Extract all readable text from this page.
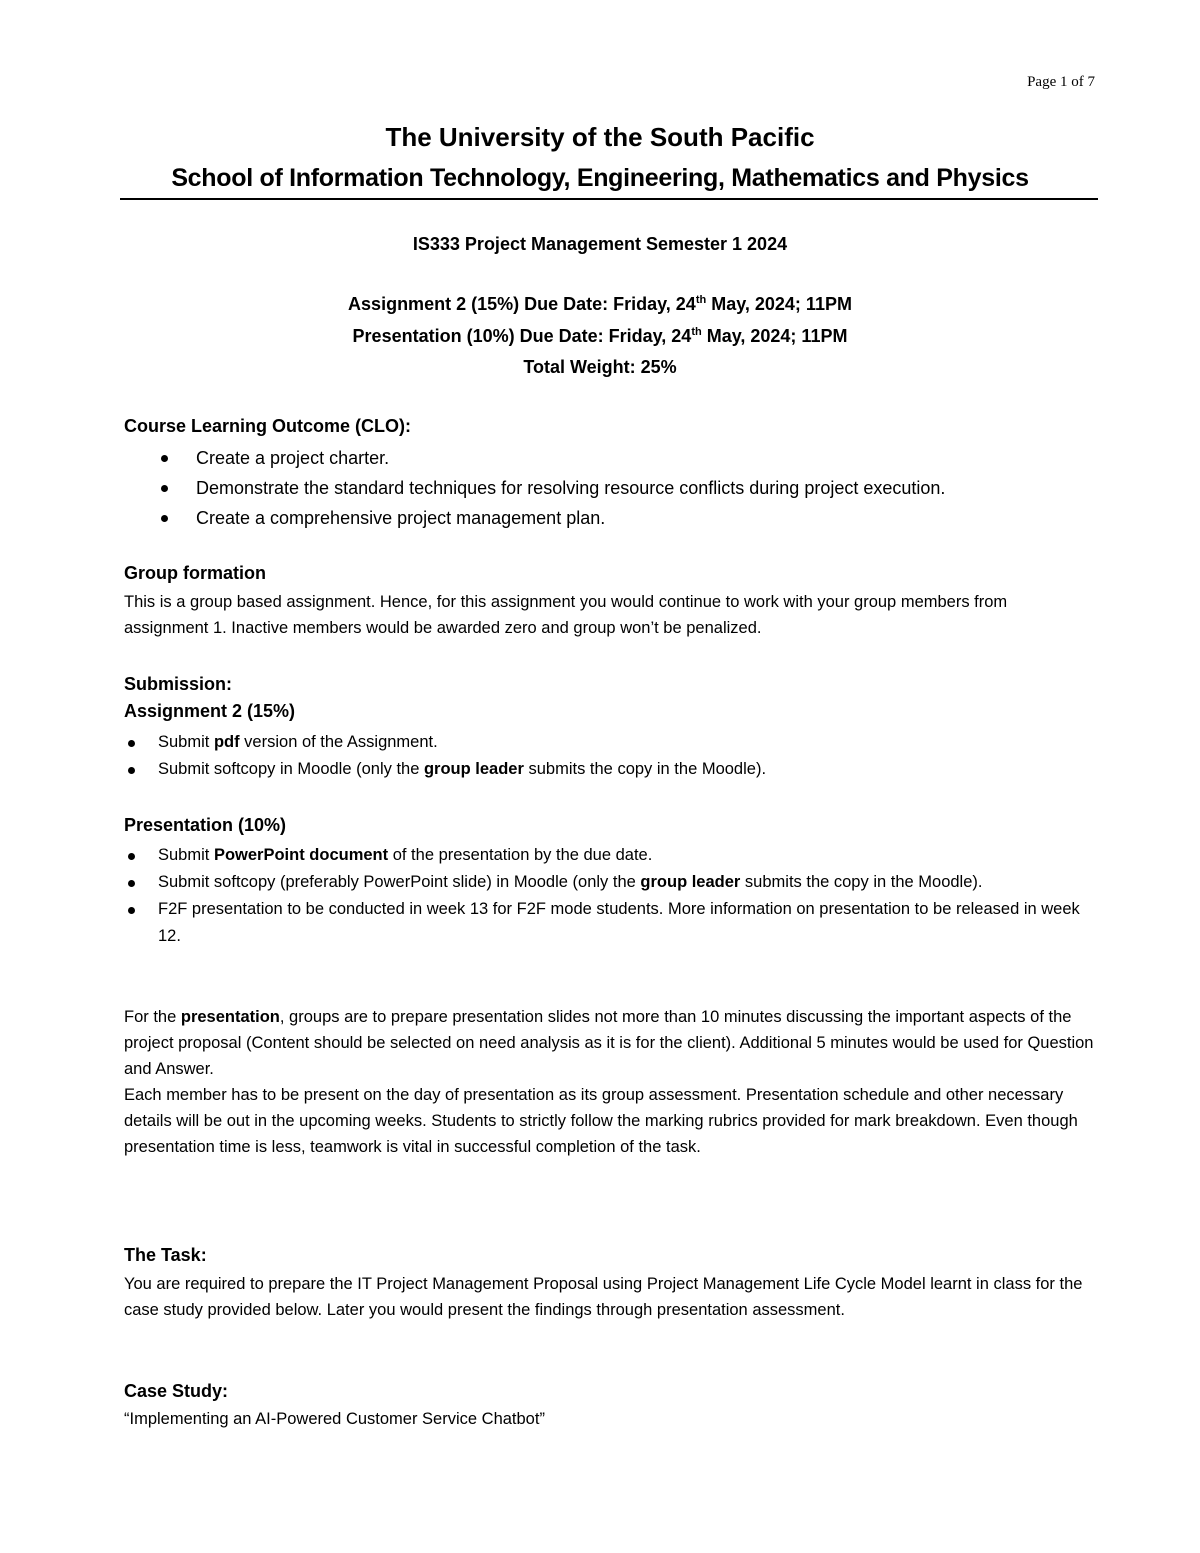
Page 1 of 7
The University of the South Pacific
School of Information Technology, Engineering, Mathematics and Physics
IS333 Project Management Semester 1 2024
Assignment 2 (15%) Due Date: Friday, 24th May, 2024; 11PM
Presentation (10%) Due Date: Friday, 24th May, 2024; 11PM
Total Weight: 25%
Course Learning Outcome (CLO):
Create a project charter.
Demonstrate the standard techniques for resolving resource conflicts during project execution.
Create a comprehensive project management plan.
Group formation

This is a group based assignment. Hence, for this assignment you would continue to work with your group members from assignment 1. Inactive members would be awarded zero and group won’t be penalized.

Submission:
Assignment 2 (15%)
Submit pdf version of the Assignment.
Submit softcopy in Moodle (only the group leader submits the copy in the Moodle).
Presentation (10%)
Submit PowerPoint document of the presentation by the due date.
Submit softcopy (preferably PowerPoint slide) in Moodle (only the group leader submits the copy in the Moodle).
F2F presentation to be conducted in week 13 for F2F mode students. More information on presentation to be released in week 12.

For the presentation, groups are to prepare presentation slides not more than 10 minutes discussing the important aspects of the project proposal (Content should be selected on need analysis as it is for the client). Additional 5 minutes would be used for Question and Answer.

Each member has to be present on the day of presentation as its group assessment. Presentation schedule and other necessary details will be out in the upcoming weeks. Students to strictly follow the marking rubrics provided for mark breakdown. Even though presentation time is less, teamwork is vital in successful completion of the task.

The Task:

You are required to prepare the IT Project Management Proposal using Project Management Life Cycle Model learnt in class for the case study provided below. Later you would present the findings through presentation assessment.

Case Study:

“Implementing an AI-Powered Customer Service Chatbot”
